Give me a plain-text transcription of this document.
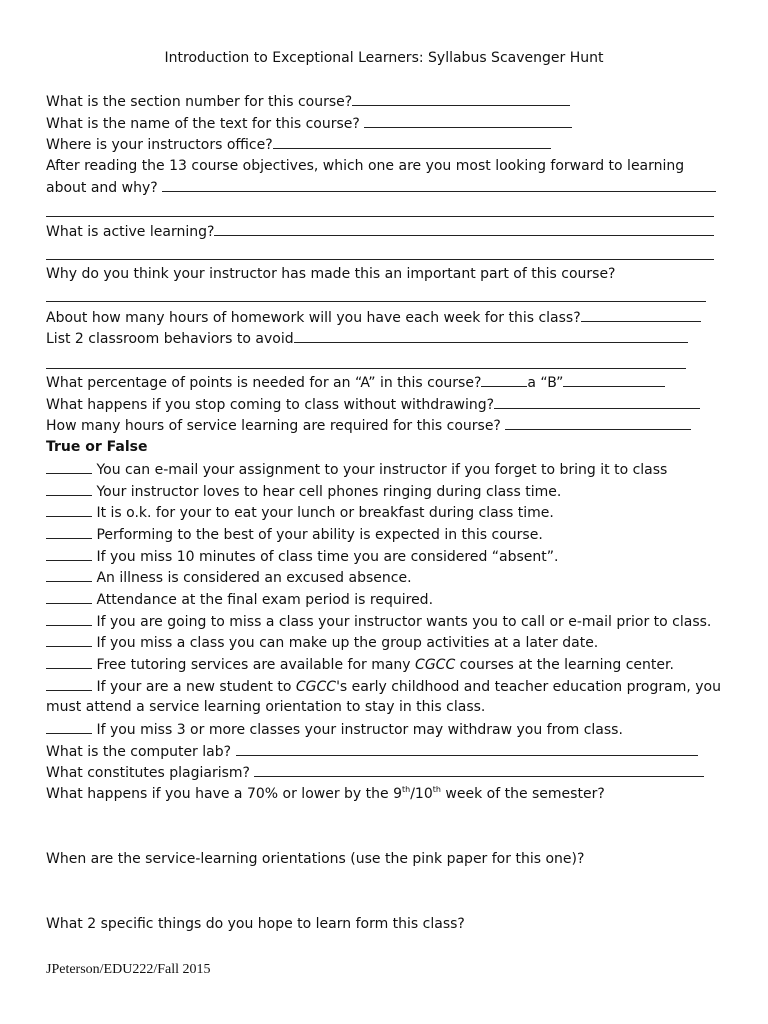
Introduction to Exceptional Learners: Syllabus Scavenger Hunt
What is the section number for this course?
What is the name of the text for this course?
Where is your instructors office?
After reading the 13 course objectives, which one are you most looking forward to learning
about and why?
What is active learning?
Why do you think your instructor has made this an important part of this course?
About how many hours of homework will you have each week for this class?
List 2 classroom behaviors to avoid
What percentage of points is needed for an “A” in this course?	a “B”
What happens if you stop coming to class without withdrawing?
How many hours of service learning are required for this course?
True or False
You can e-mail your assignment to your instructor if you forget to bring it to class
Your instructor loves to hear cell phones ringing during class time.
It is o.k. for your to eat your lunch or breakfast during class time.
Performing to the best of your ability is expected in this course.
If you miss 10 minutes of class time you are considered “absent”.
An illness is considered an excused absence.
Attendance at the final exam period is required.
If you are going to miss a class your instructor wants you to call or e-mail prior to class.
If you miss a class you can make up the group activities at a later date.
Free tutoring services are available for many CGCC courses at the learning center.
If your are a new student to CGCC's early childhood and teacher education program, you
must attend a service learning orientation to stay in this class.
If you miss 3 or more classes your instructor may withdraw you from class.
What is the computer lab?
What constitutes plagiarism?
What happens if you have a 70% or lower by the 9th/10th week of the semester?
When are the service-learning orientations (use the pink paper for this one)?
What 2 specific things do you hope to learn form this class?
JPeterson/EDU222/Fall 2015
